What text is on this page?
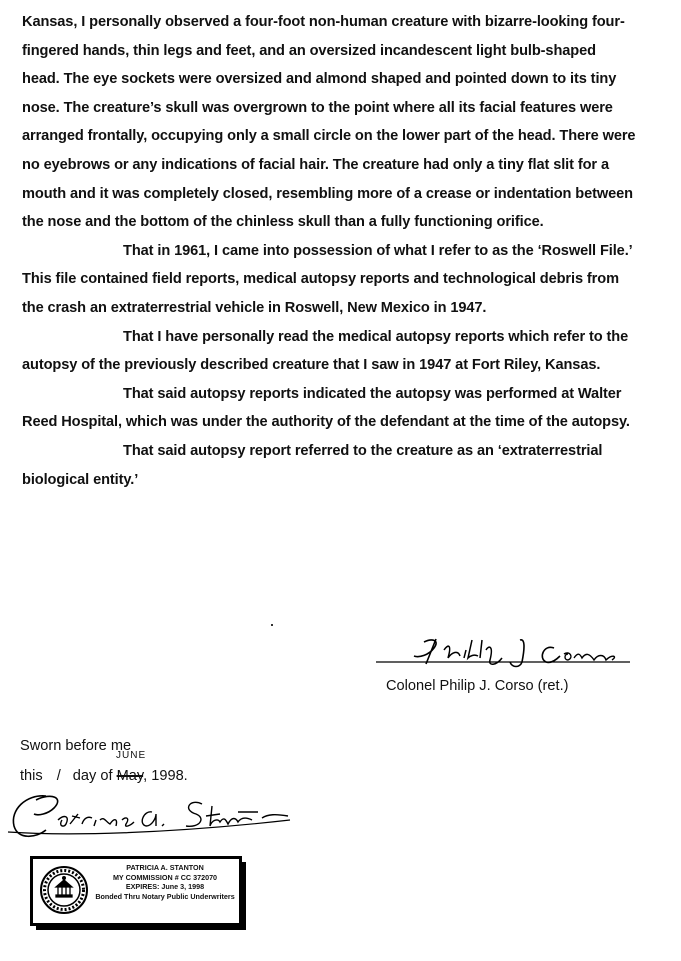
Kansas, I personally observed a four-foot non-human creature with bizarre-looking four-fingered hands, thin legs and feet, and an oversized incandescent light bulb-shaped head. The eye sockets were oversized and almond shaped and pointed down to its tiny nose. The creature’s skull was overgrown to the point where all its facial features were arranged frontally, occupying only a small circle on the lower part of the head. There were no eyebrows or any indications of facial hair. The creature had only a tiny flat slit for a mouth and it was completely closed, resembling more of a crease or indentation between the nose and the bottom of the chinless skull than a fully functioning orifice.

That in 1961, I came into possession of what I refer to as the ‘Roswell File.’ This file contained field reports, medical autopsy reports and technological debris from the crash an extraterrestrial vehicle in Roswell, New Mexico in 1947.

That I have personally read the medical autopsy reports which refer to the autopsy of the previously described creature that I saw in 1947 at Fort Riley, Kansas.

That said autopsy reports indicated the autopsy was performed at Walter Reed Hospital, which was under the authority of the defendant at the time of the autopsy.

That said autopsy report referred to the creature as an ‘extraterrestrial biological entity.’

Colonel Philip J. Corso (ret.)
Sworn before me
this / day of May, 1998.
JUNE
PATRICIA A. STANTON
MY COMMISSION # CC 372070
EXPIRES: June 3, 1998
Bonded Thru Notary Public Underwriters
